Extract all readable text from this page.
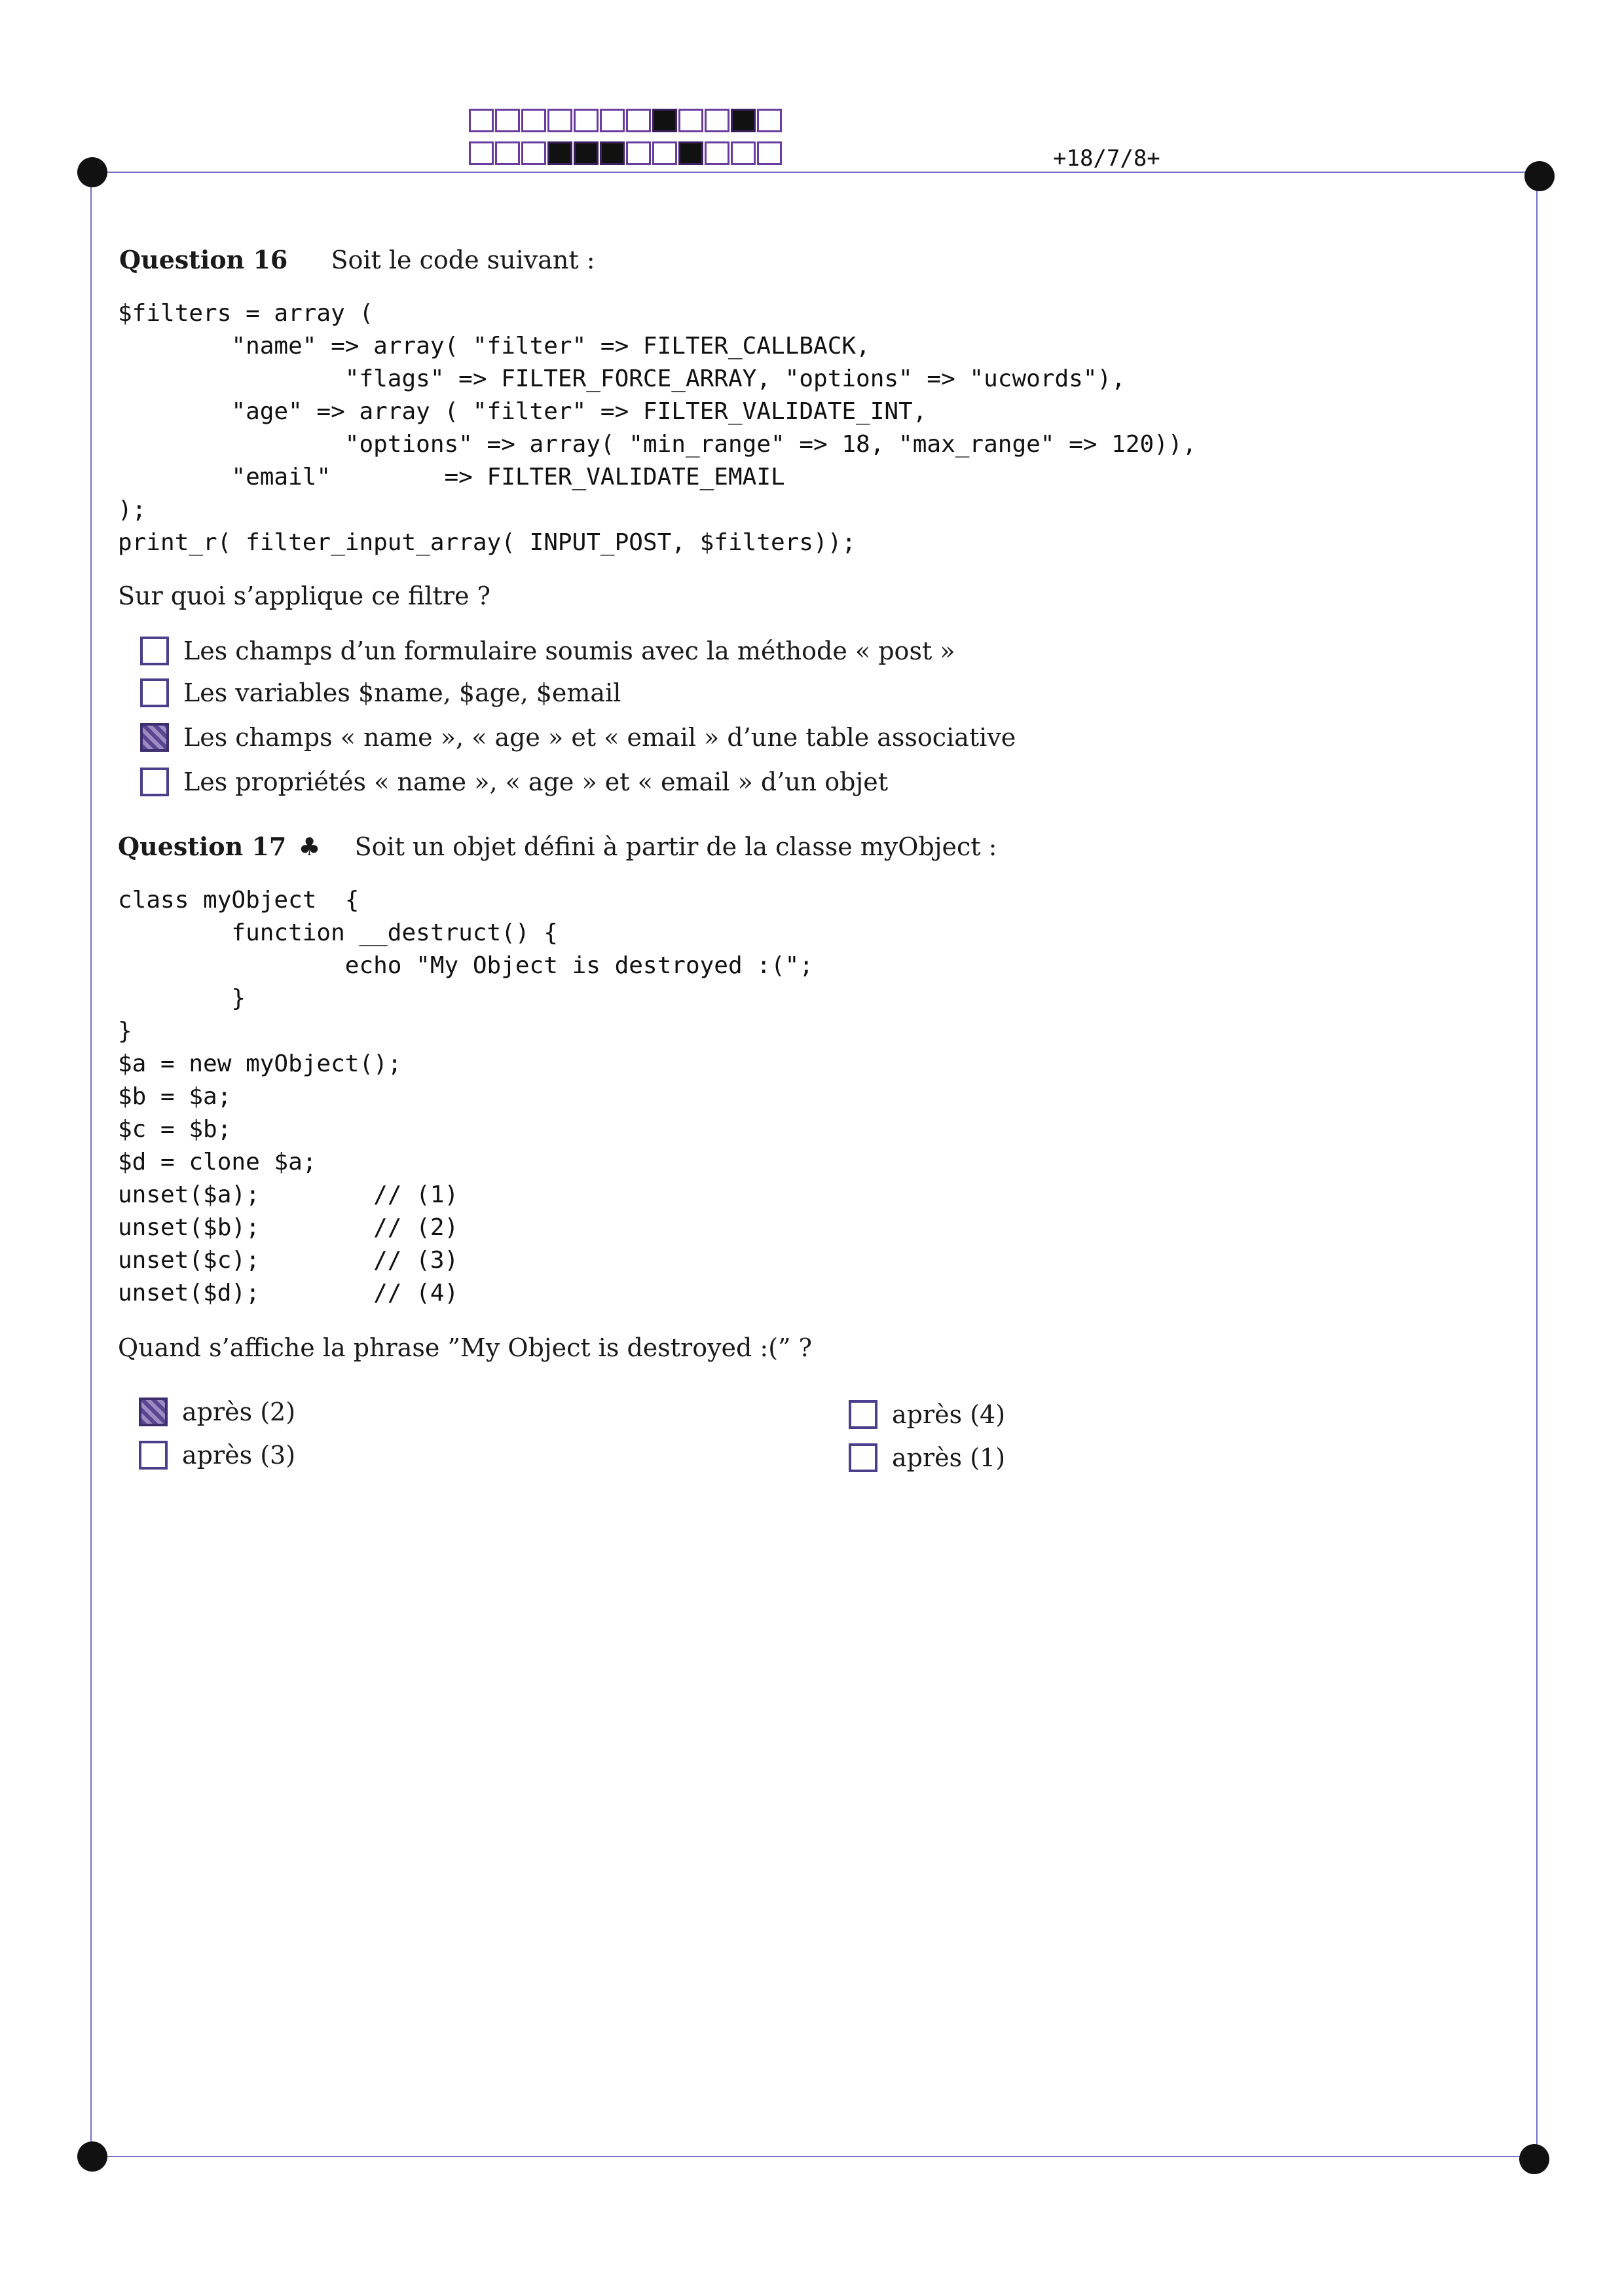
+18/7/8+
Question 16 Soit le code suivant :
$filters = array (
"name" => array( "filter" => FILTER_CALLBACK,
"flags" => FILTER_FORCE_ARRAY, "options" => "ucwords"),
"age" => array ( "filter" => FILTER_VALIDATE_INT,
"options" => array( "min_range" => 18, "max_range" => 120)),
"email"        => FILTER_VALIDATE_EMAIL
);
print_r( filter_input_array( INPUT_POST, $filters));
Sur quoi s’applique ce filtre ?
Les champs d’un formulaire soumis avec la méthode « post »
Les variables $name, $age, $email
Les champs « name », « age » et « email » d’une table associative
Les propriétés « name », « age » et « email » d’un objet
Question 17 ♣ Soit un objet défini à partir de la classe myObject :
class myObject  {
function __destruct() {
echo "My Object is destroyed :(";
}
}
$a = new myObject();
$b = $a;
$c = $b;
$d = clone $a;
unset($a);        // (1)
unset($b);        // (2)
unset($c);        // (3)
unset($d);        // (4)
Quand s’affiche la phrase ”My Object is destroyed :(” ?
après (2)
après (3)
après (4)
après (1)
